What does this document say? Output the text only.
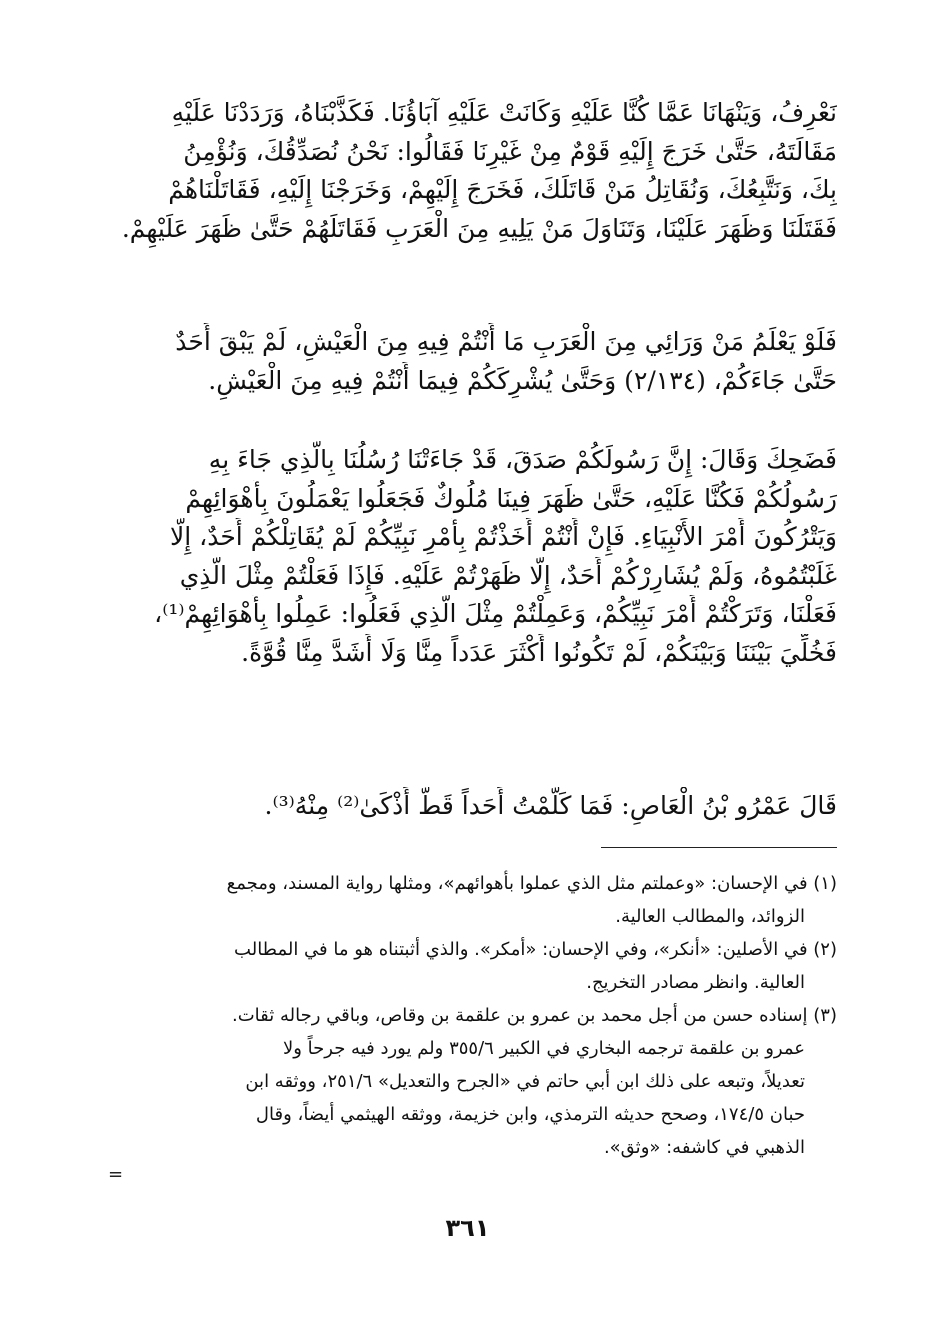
نَعْرِفُ، وَيَنْهَانَا عَمَّا كُنَّا عَلَيْهِ وَكَانَتْ عَلَيْهِ آبَاؤُنَا. فَكَذَّبْنَاهُ، وَرَدَدْنَا عَلَيْهِ
مَقَالَتَهُ، حَتَّىٰ خَرَجَ إِلَيْهِ قَوْمٌ مِنْ غَيْرِنَا فَقَالُوا: نَحْنُ نُصَدِّقُكَ، وَنُؤْمِنُ
بِكَ، وَنَتَّبِعُكَ، وَنُقَاتِلُ مَنْ قَاتَلَكَ، فَخَرَجَ إِلَيْهِمْ، وَخَرَجْنَا إِلَيْهِ، فَقَاتَلْنَاهُمْ
فَقَتَلَنَا وَظَهَرَ عَلَيْنَا، وَتَنَاوَلَ مَنْ يَلِيهِ مِنَ الْعَرَبِ فَقَاتَلَهُمْ حَتَّىٰ ظَهَرَ عَلَيْهِمْ.
فَلَوْ يَعْلَمُ مَنْ وَرَائِي مِنَ الْعَرَبِ مَا أَنْتُمْ فِيهِ مِنَ الْعَيْشِ، لَمْ يَبْقَ أَحَدٌ
حَتَّىٰ جَاءَكُمْ، (٢/١٣٤) وَحَتَّىٰ يُشْرِكَكُمْ فِيمَا أَنْتُمْ فِيهِ مِنَ الْعَيْشِ.
فَضَحِكَ وَقَالَ: إِنَّ رَسُولَكُمْ صَدَقَ، قَدْ جَاءَتْنَا رُسُلُنَا بِالَّذِي جَاءَ بِهِ
رَسُولُكُمْ فَكُنَّا عَلَيْهِ، حَتَّىٰ ظَهَرَ فِينَا مُلُوكٌ فَجَعَلُوا يَعْمَلُونَ بِأَهْوَائِهِمْ
وَيَتْرُكُونَ أَمْرَ الأَنْبِيَاءِ. فَإِنْ أَنْتُمْ أَخَذْتُمْ بِأَمْرِ نَبِيِّكُمْ لَمْ يُقَاتِلْكُمْ أَحَدٌ، إِلَّا
غَلَبْتُمُوهُ، وَلَمْ يُشَارِرْكُمْ أَحَدٌ، إِلَّا ظَهَرْتُمْ عَلَيْهِ. فَإِذَا فَعَلْتُمْ مِثْلَ الَّذِي
فَعَلْنَا، وَتَرَكْتُمْ أَمْرَ نَبِيِّكُمْ، وَعَمِلْتُمْ مِثْلَ الَّذِي فَعَلُوا: عَمِلُوا بِأَهْوَائِهِمْ⁽¹⁾،
فَخُلِّيَ بَيْنَنَا وَبَيْنَكُمْ، لَمْ تَكُونُوا أَكْثَرَ عَدَداً مِنَّا وَلَا أَشَدَّ مِنَّا قُوَّةً.
قَالَ عَمْرُو بْنُ الْعَاصِ: فَمَا كَلَّمْتُ أَحَداً قَطُّ أَذْكَىٰ⁽²⁾ مِنْهُ⁽³⁾.
(١) في الإحسان: «وعملتم مثل الذي عملوا بأهوائهم»، ومثلها رواية المسند، ومجمع
الزوائد، والمطالب العالية.
(٢) في الأصلين: «أنكر»، وفي الإحسان: «أمكر». والذي أثبتناه هو ما في المطالب
العالية. وانظر مصادر التخريج.
(٣) إسناده حسن من أجل محمد بن عمرو بن علقمة بن وقاص، وباقي رجاله ثقات.
عمرو بن علقمة ترجمه البخاري في الكبير ٣٥٥/٦ ولم يورد فيه جرحاً ولا
تعديلاً، وتبعه على ذلك ابن أبي حاتم في «الجرح والتعديل» ٢٥١/٦، ووثقه ابن
حبان ١٧٤/٥، وصحح حديثه الترمذي، وابن خزيمة، ووثقه الهيثمي أيضاً، وقال
الذهبي في كاشفه: «وثق».
=
٣٦١
